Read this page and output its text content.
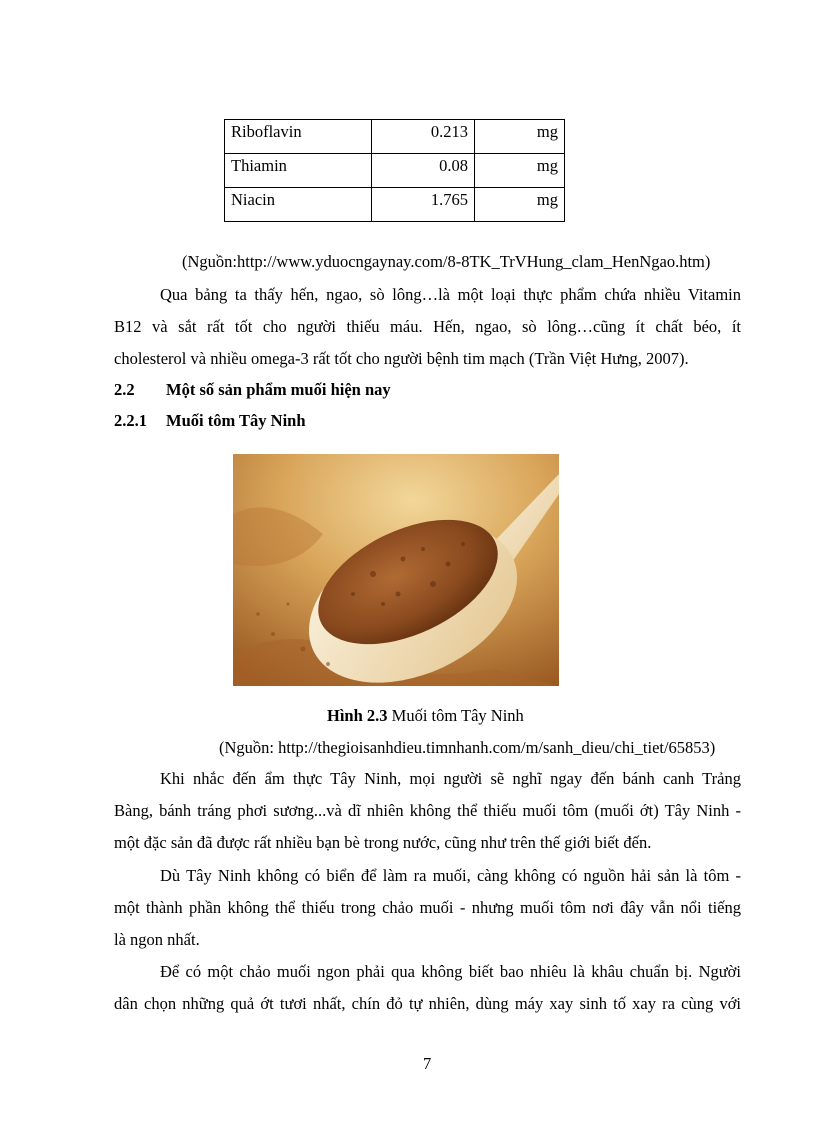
Riboflavin	0.213	mg
Thiamin	0.08	mg
Niacin	1.765	mg
(Nguồn:http://www.yduocngaynay.com/8-8TK_TrVHung_clam_HenNgao.htm)
Qua bảng ta thấy hến, ngao, sò lông…là một loại thực phẩm chứa nhiều Vitamin
B12 và sắt rất tốt cho người thiếu máu. Hến, ngao, sò lông…cũng ít chất béo, ít
cholesterol và nhiều omega-3 rất tốt cho người bệnh tim mạch (Trần Việt Hưng, 2007).
2.2 Một số sản phẩm muối hiện nay
2.2.1 Muối tôm Tây Ninh
Hình 2.3 Muối tôm Tây Ninh
(Nguồn: http://thegioisanhdieu.timnhanh.com/m/sanh_dieu/chi_tiet/65853)
Khi nhắc đến ẩm thực Tây Ninh, mọi người sẽ nghĩ ngay đến bánh canh Trảng
Bàng, bánh tráng phơi sương...và dĩ nhiên không thể thiếu muối tôm (muối ớt) Tây Ninh -
một đặc sản đã được rất nhiều bạn bè trong nước, cũng như trên thế giới biết đến.
Dù Tây Ninh không có biển để làm ra muối, càng không có nguồn hải sản là tôm -
một thành phần không thể thiếu trong chảo muối - nhưng muối tôm nơi đây vẫn nổi tiếng
là ngon nhất.
Để có một chảo muối ngon phải qua không biết bao nhiêu là khâu chuẩn bị. Người
dân chọn những quả ớt tươi nhất, chín đỏ tự nhiên, dùng máy xay sinh tố xay ra cùng với
7
